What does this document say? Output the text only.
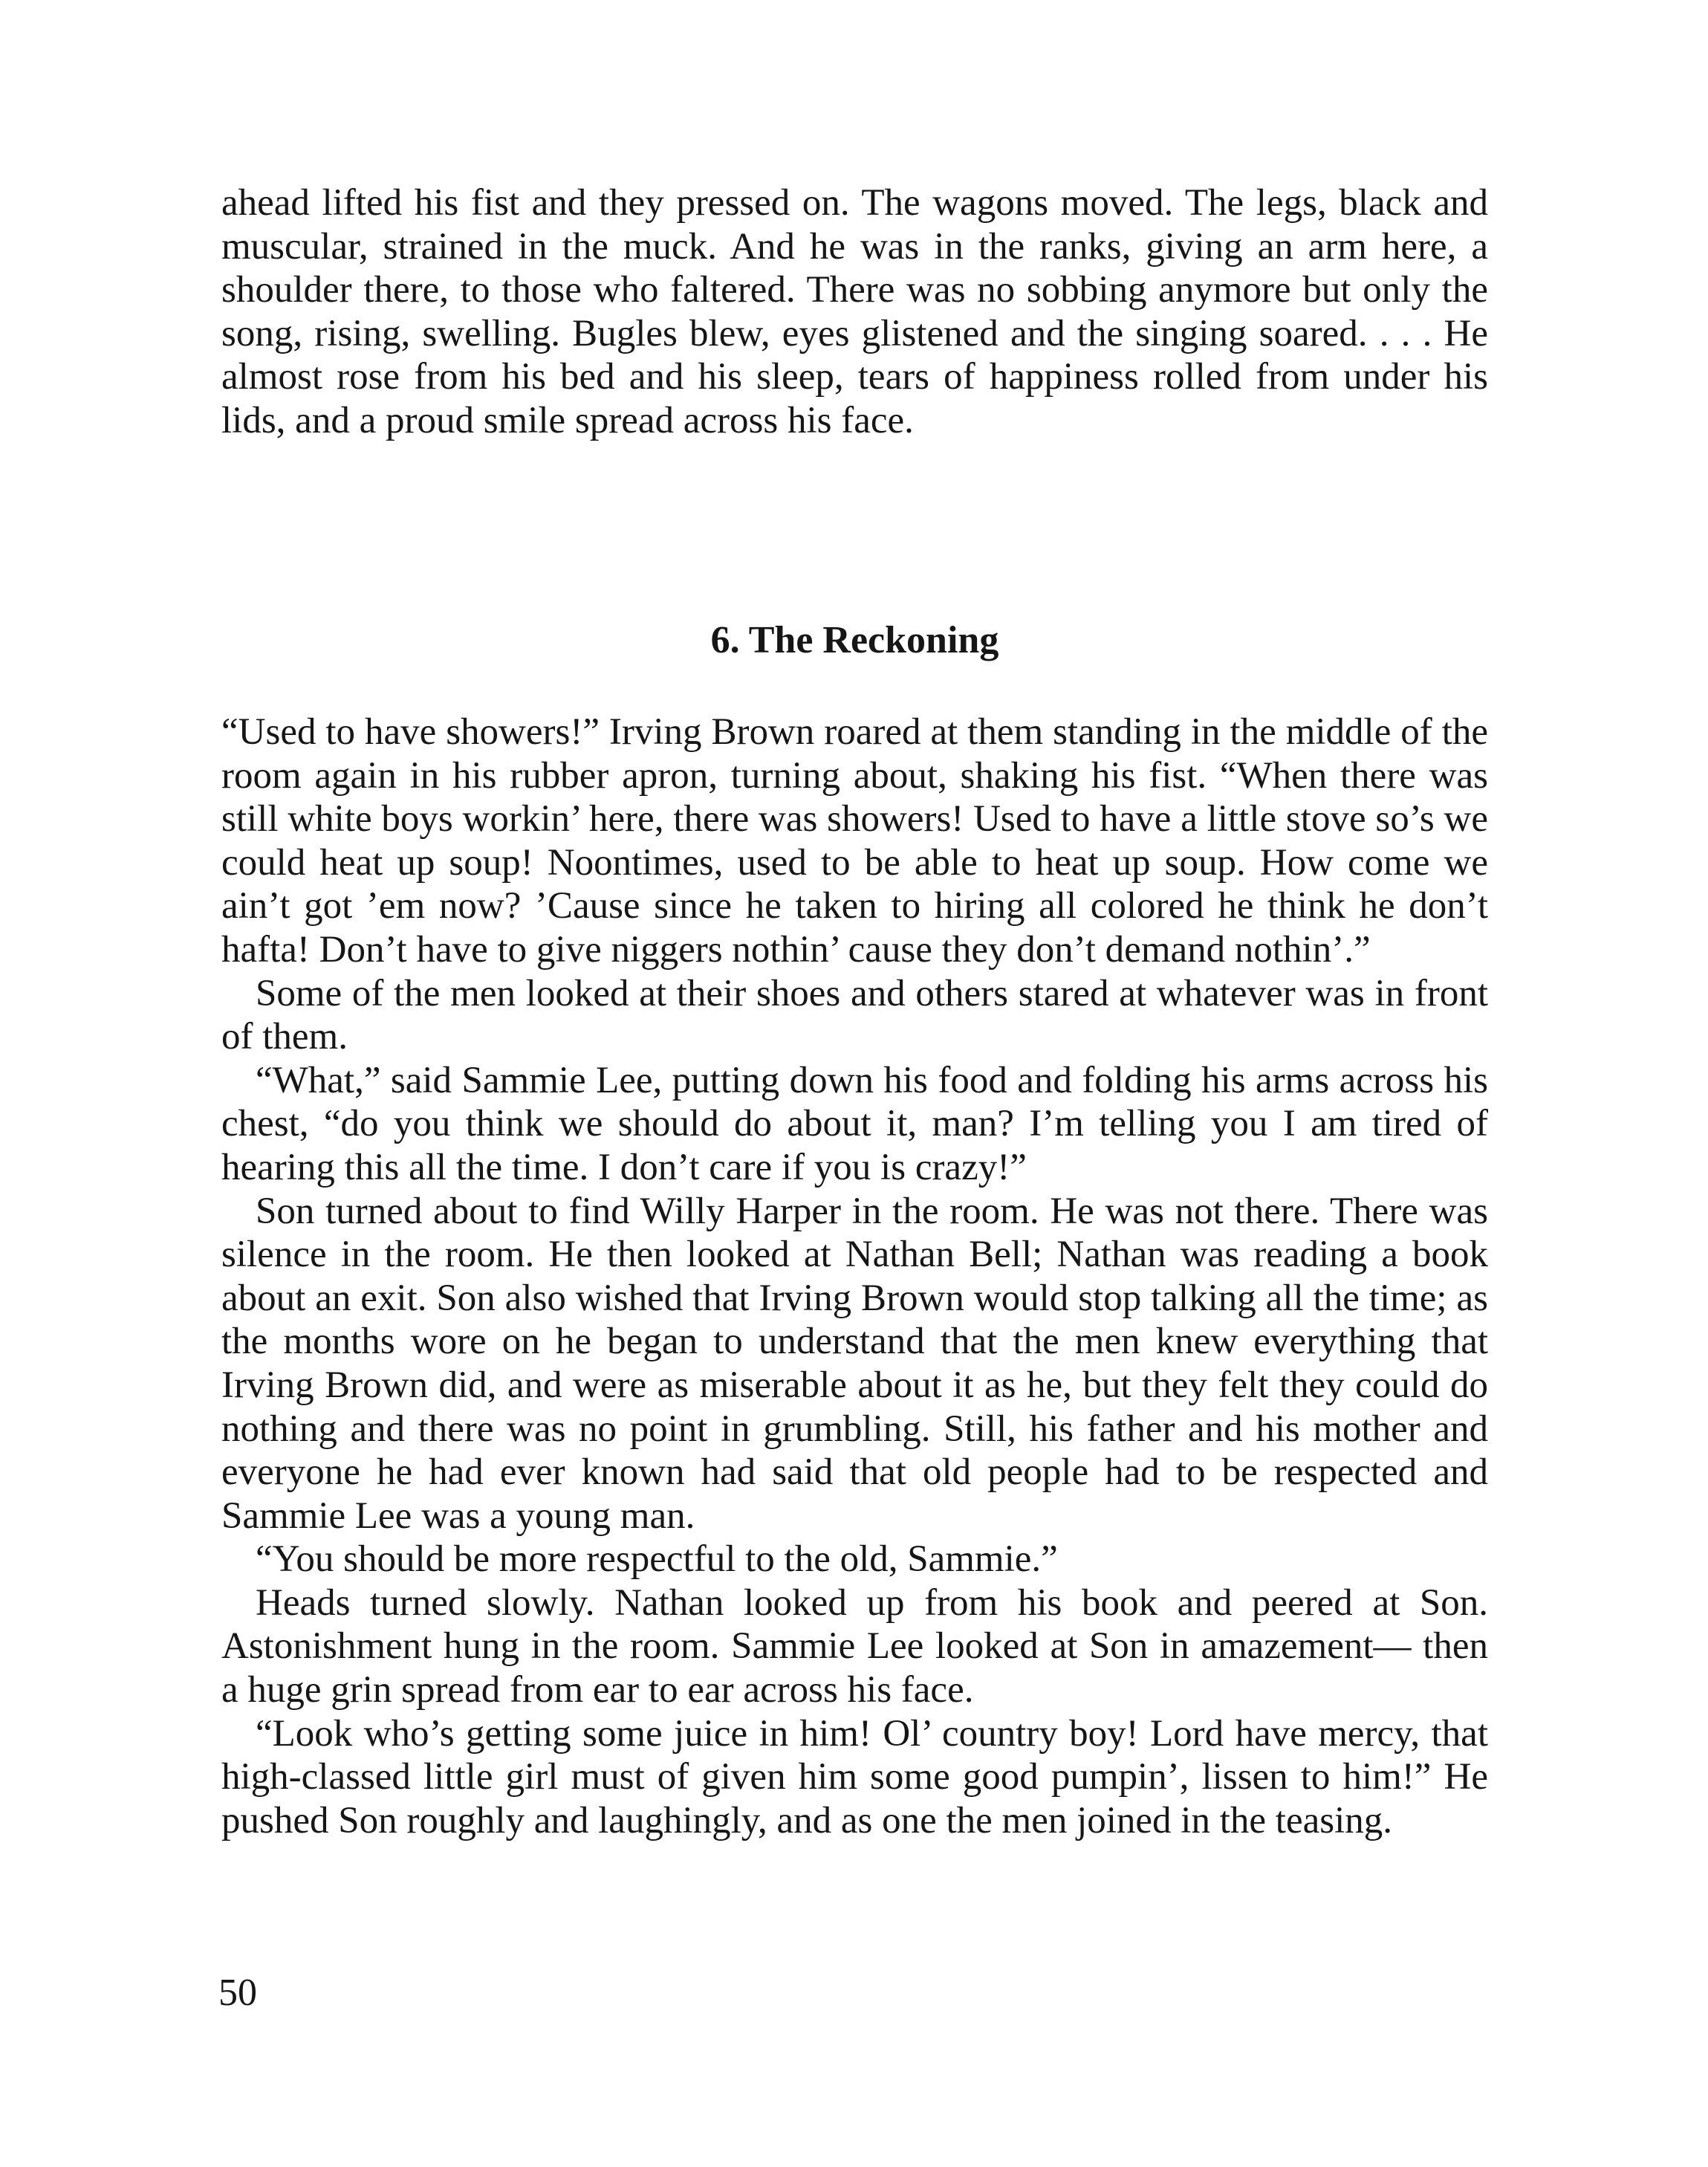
ahead lifted his fist and they pressed on. The wagons moved. The legs, black and muscular, strained in the muck. And he was in the ranks, giving an arm here, a shoulder there, to those who faltered. There was no sobbing anymore but only the song, rising, swelling. Bugles blew, eyes glistened and the singing soared. . . . He almost rose from his bed and his sleep, tears of happiness rolled from under his lids, and a proud smile spread across his face.

6. The Reckoning

“Used to have showers!” Irving Brown roared at them standing in the middle of the room again in his rubber apron, turning about, shaking his fist. “When there was still white boys workin’ here, there was showers! Used to have a little stove so’s we could heat up soup! Noontimes, used to be able to heat up soup. How come we ain’t got ’em now? ’Cause since he taken to hiring all colored he think he don’t hafta! Don’t have to give niggers nothin’ cause they don’t demand nothin’.”

Some of the men looked at their shoes and others stared at whatever was in front of them.

“What,” said Sammie Lee, putting down his food and folding his arms across his chest, “do you think we should do about it, man? I’m telling you I am tired of hearing this all the time. I don’t care if you is crazy!”

Son turned about to find Willy Harper in the room. He was not there. There was silence in the room. He then looked at Nathan Bell; Nathan was reading a book about an exit. Son also wished that Irving Brown would stop talking all the time; as the months wore on he began to understand that the men knew everything that Irving Brown did, and were as miserable about it as he, but they felt they could do nothing and there was no point in grumbling. Still, his father and his mother and everyone he had ever known had said that old people had to be respected and Sammie Lee was a young man.

“You should be more respectful to the old, Sammie.”

Heads turned slowly. Nathan looked up from his book and peered at Son. Astonishment hung in the room. Sammie Lee looked at Son in amazement— then a huge grin spread from ear to ear across his face.

“Look who’s getting some juice in him! Ol’ country boy! Lord have mercy, that high-classed little girl must of given him some good pumpin’, lissen to him!” He pushed Son roughly and laughingly, and as one the men joined in the teasing.

50
